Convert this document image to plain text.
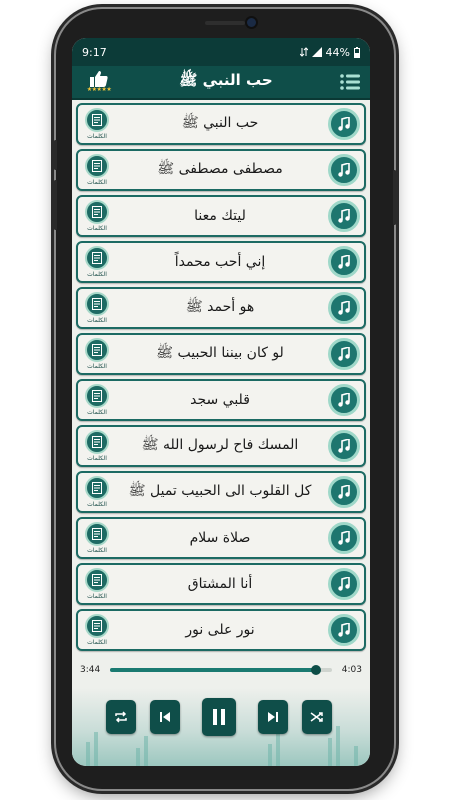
9:17	44%
★★★★★
حب النبي ﷺ
الكلمات
حب النبي ﷺ
الكلمات
مصطفى مصطفى ﷺ
الكلمات
ليتك معنا
الكلمات
إني أحب محمداً
الكلمات
هو أحمد ﷺ
الكلمات
لو كان بيننا الحبيب ﷺ
الكلمات
قلبي سجد
الكلمات
المسك فاح لرسول الله ﷺ
الكلمات
كل القلوب الى الحبيب تميل ﷺ
الكلمات
صلاة سلام
الكلمات
أنا المشتاق
الكلمات
نور على نور
3:44	4:03
